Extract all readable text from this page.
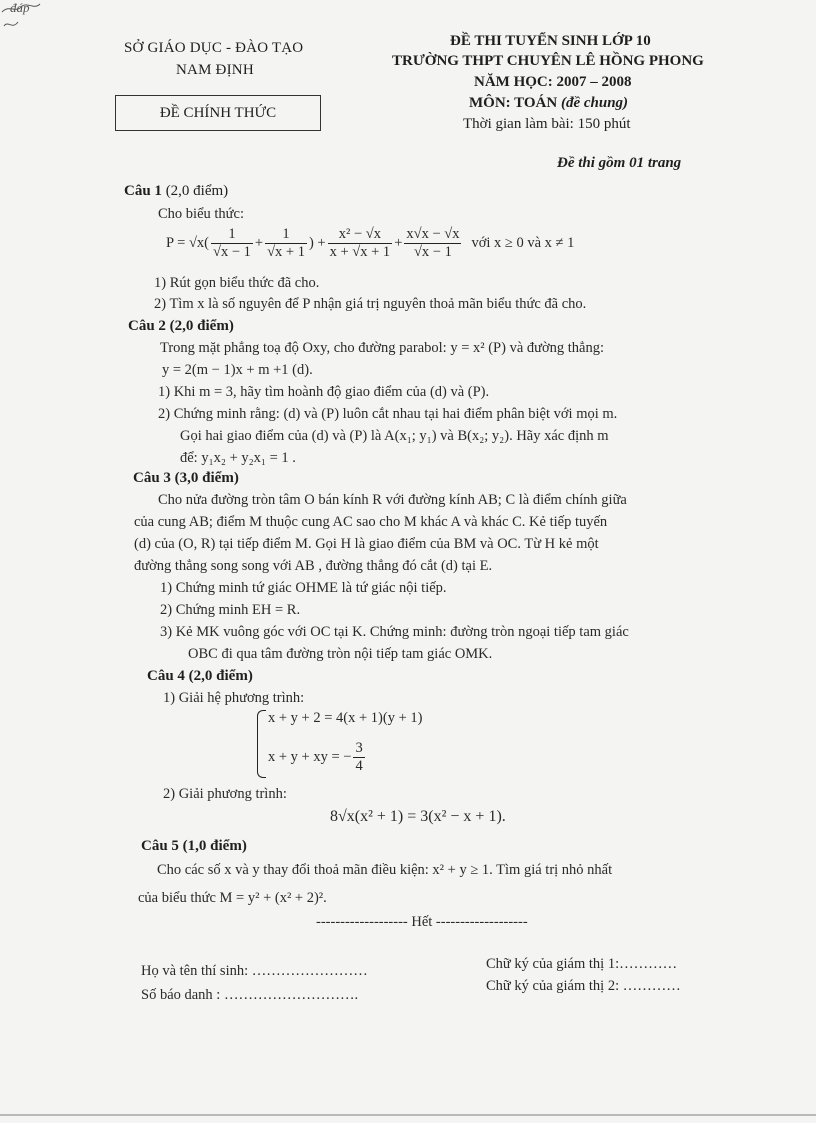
đáp
SỞ GIÁO DỤC - ĐÀO TẠO
NAM ĐỊNH
ĐỀ CHÍNH THỨC
ĐỀ THI TUYỂN SINH LỚP 10
TRƯỜNG THPT CHUYÊN LÊ HỒNG PHONG
NĂM HỌC: 2007 – 2008
MÔN: TOÁN (đề chung)
Thời gian làm bài: 150 phút
Đề thi gồm 01 trang
Câu 1 (2,0 điểm)
Cho biểu thức:
$P = √x( \frac{1}{√x - 1} + \frac{1}{√x + 1}$ ) + $\frac{\text{x² − √x}}{x + √x + 1} + \frac{x√x - √x}{√x - 1}$ với x ≥ 0 và x ≠ 1
1) Rút gọn biểu thức đã cho.
2) Tìm x là số nguyên để P nhận giá trị nguyên thoả mãn biểu thức đã cho.
Câu 2 (2,0 điểm)
Trong mặt phẳng toạ độ Oxy, cho đường parabol: y = x² (P) và đường thẳng:
y = 2(m − 1)x + m +1 (d).
1) Khi m = 3, hãy tìm hoành độ giao điểm của (d) và (P).
2) Chứng minh rằng: (d) và (P) luôn cắt nhau tại hai điểm phân biệt với mọi m.
Gọi hai giao điểm của (d) và (P) là A(x₁; y₁) và B(x₂; y₂). Hãy xác định m
để: y₁x₂ + y₂x₁ = 1 .
Câu 3 (3,0 điểm)
Cho nửa đường tròn tâm O bán kính R với đường kính AB; C là điểm chính giữa
của cung AB; điểm M thuộc cung AC sao cho M khác A và khác C. Kẻ tiếp tuyến
(d) của (O, R) tại tiếp điểm M. Gọi H là giao điểm của BM và OC. Từ H kẻ một
đường thẳng song song với AB , đường thẳng đó cắt (d) tại E.
1) Chứng minh tứ giác OHME là tứ giác nội tiếp.
2) Chứng minh EH = R.
3) Kẻ MK vuông góc với OC tại K. Chứng minh: đường tròn ngoại tiếp tam giác
OBC đi qua tâm đường tròn nội tiếp tam giác OMK.
Câu 4 (2,0 điểm)
1) Giải hệ phương trình:
x + y + 2 = 4(x + 1)(y + 1)
x + y + xy = − $\frac{3}{4}$
2) Giải phương trình:
8√x(x² + 1) = 3(x² − x + 1).
Câu 5 (1,0 điểm)
Cho các số x và y thay đổi thoả mãn điều kiện: x² + y ≥ 1. Tìm giá trị nhỏ nhất
của biểu thức M = y² + (x² + 2)².
------------------- Hết -------------------
Họ và tên thí sinh: ……………………
Số báo danh : ……………………….
Chữ ký của giám thị 1:…………
Chữ ký của giám thị 2: …………
